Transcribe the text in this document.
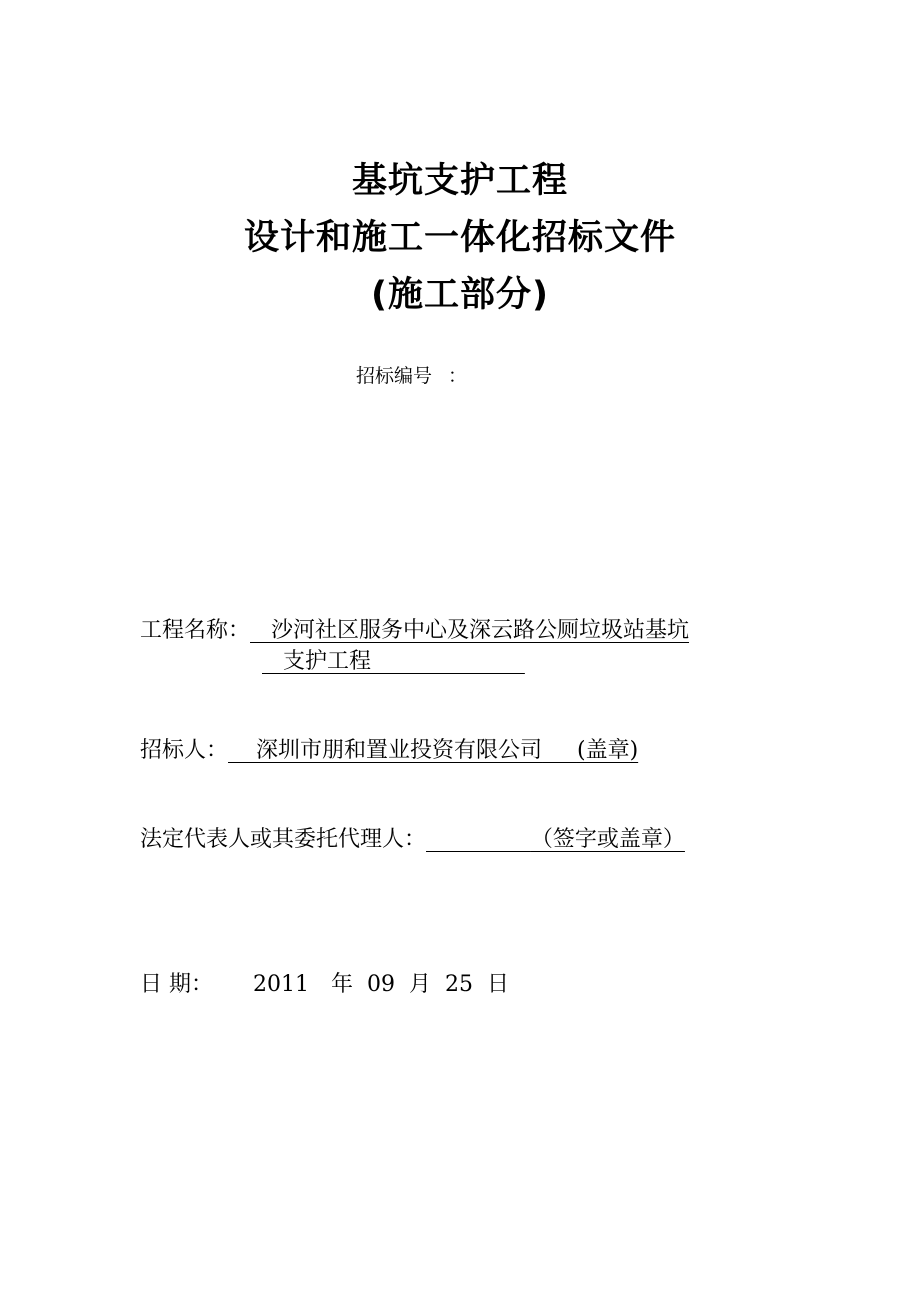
基坑支护工程
设计和施工一体化招标文件
(施工部分)
招标编号 ：
工程名称： 沙河社区服务中心及深云路公厕垃圾站基坑
支护工程
招标人： 深圳市朋和置业投资有限公司 (盖章)
法定代表人或其委托代理人：	（签字或盖章）
日 期： 2011 年 09 月 25 日
